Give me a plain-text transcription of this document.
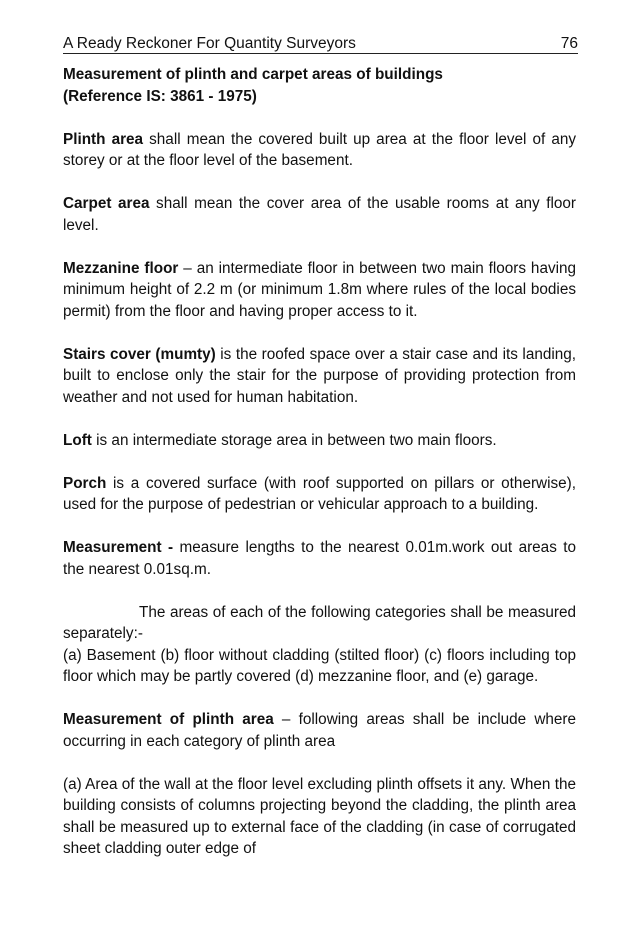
A Ready Reckoner For Quantity Surveyors	76

Measurement of plinth and carpet areas of buildings

(Reference IS: 3861 - 1975)

Plinth area shall mean the covered built up area at the floor level of any storey or at the floor level of the basement.

Carpet area shall mean the cover area of the usable rooms at any floor level.

Mezzanine floor – an intermediate floor in between two main floors having minimum height of 2.2 m (or minimum 1.8m where rules of the local bodies permit) from the floor and having proper access to it.

Stairs cover (mumty) is the roofed space over a stair case and its landing, built to enclose only the stair for the purpose of providing protection from weather and not used for human habitation.

Loft is an intermediate storage area in between two main floors.

Porch is a covered surface (with roof supported on pillars or otherwise), used for the purpose of pedestrian or vehicular approach to a building.

Measurement - measure lengths to the nearest 0.01m.work out areas to the nearest 0.01sq.m.

The areas of each of the following categories shall be measured separately:-

(a) Basement (b) floor without cladding (stilted floor) (c) floors including top floor which may be partly covered (d) mezzanine floor, and (e) garage.

Measurement of plinth area – following areas shall be include where occurring in each category of plinth area

(a) Area of the wall at the floor level excluding plinth offsets it any. When the building consists of columns projecting beyond the cladding, the plinth area shall be measured up to external face of the cladding (in case of corrugated sheet cladding outer edge of
